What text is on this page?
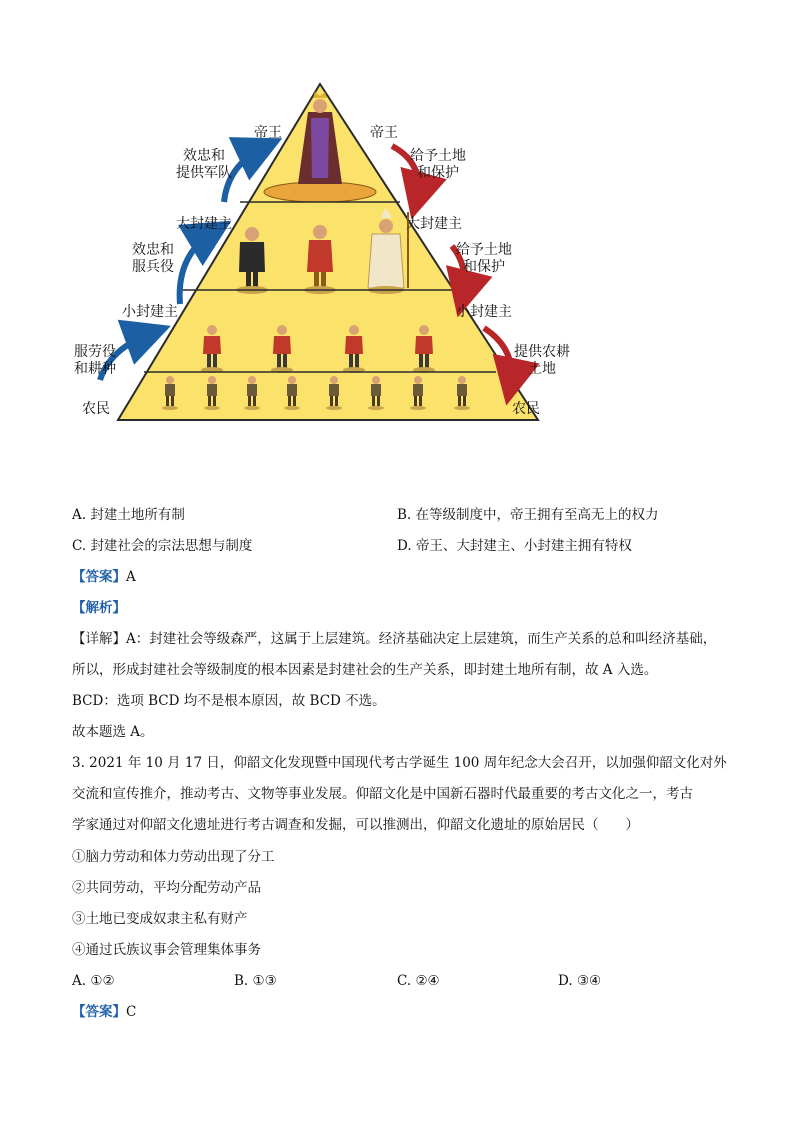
帝王
效忠和
提供军队
大封建主
效忠和
服兵役
小封建主
服劳役
和耕种
农民
帝王
给予土地
和保护
大封建主
给予土地
和保护
小封建主
提供农耕
土地
农民
A. 封建土地所有制	B. 在等级制度中，帝王拥有至高无上的权力
C. 封建社会的宗法思想与制度	D. 帝王、大封建主、小封建主拥有特权
【答案】A
【解析】
【详解】A：封建社会等级森严，这属于上层建筑。经济基础决定上层建筑，而生产关系的总和叫经济基础，
所以，形成封建社会等级制度的根本因素是封建社会的生产关系，即封建土地所有制，故 A 入选。
BCD：选项 BCD 均不是根本原因，故 BCD 不选。
故本题选 A。
3. 2021 年 10 月 17 日，仰韶文化发现暨中国现代考古学诞生 100 周年纪念大会召开，以加强仰韶文化对外
交流和宣传推介，推动考古、文物等事业发展。仰韶文化是中国新石器时代最重要的考古文化之一，考古
学家通过对仰韶文化遗址进行考古调查和发掘，可以推测出，仰韶文化遗址的原始居民（　　）
①脑力劳动和体力劳动出现了分工
②共同劳动，平均分配劳动产品
③土地已变成奴隶主私有财产
④通过氏族议事会管理集体事务
A. ①②	B. ①③	C. ②④	D. ③④
【答案】C
